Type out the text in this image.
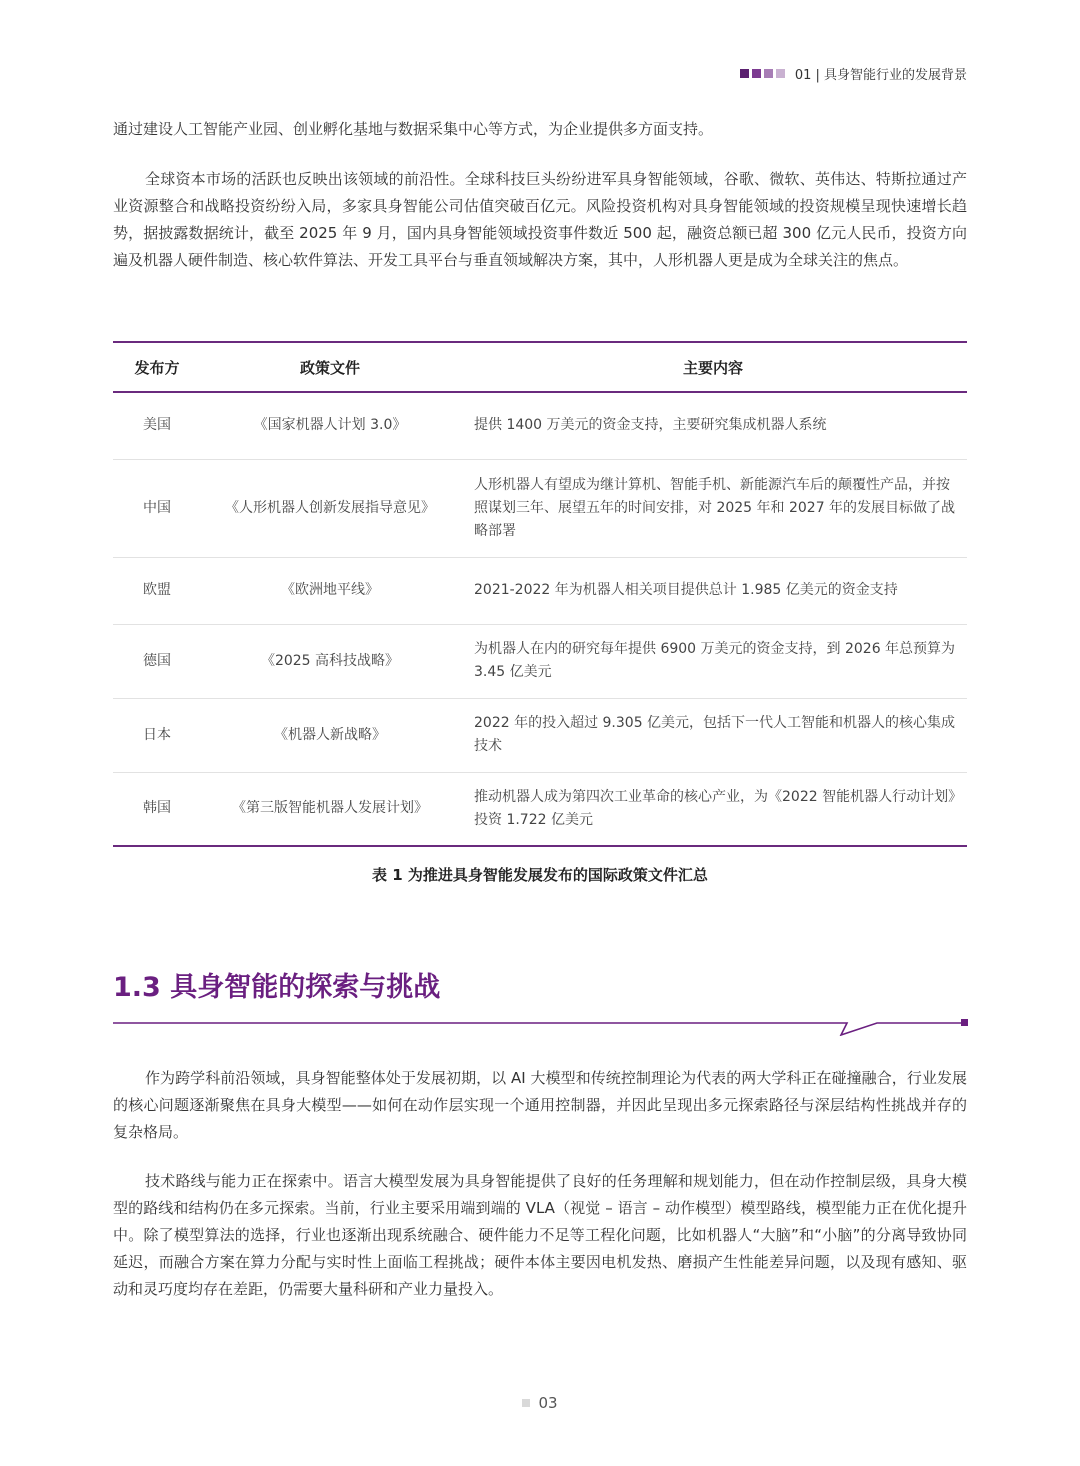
01 | 具身智能行业的发展背景

通过建设人工智能产业园、创业孵化基地与数据采集中心等方式，为企业提供多方面支持。

全球资本市场的活跃也反映出该领域的前沿性。全球科技巨头纷纷进军具身智能领域，谷歌、微软、英伟达、特斯拉通过产业资源整合和战略投资纷纷入局，多家具身智能公司估值突破百亿元。风险投资机构对具身智能领域的投资规模呈现快速增长趋势，据披露数据统计，截至 2025 年 9 月，国内具身智能领域投资事件数近 500 起，融资总额已超 300 亿元人民币，投资方向遍及机器人硬件制造、核心软件算法、开发工具平台与垂直领域解决方案，其中，人形机器人更是成为全球关注的焦点。

发布方	政策文件	主要内容
美国	《国家机器人计划 3.0》	提供 1400 万美元的资金支持，主要研究集成机器人系统
中国	《人形机器人创新发展指导意见》	人形机器人有望成为继计算机、智能手机、新能源汽车后的颠覆性产品，并按照谋划三年、展望五年的时间安排，对 2025 年和 2027 年的发展目标做了战略部署
欧盟	《欧洲地平线》	2021-2022 年为机器人相关项目提供总计 1.985 亿美元的资金支持
德国	《2025 高科技战略》	为机器人在内的研究每年提供 6900 万美元的资金支持，到 2026 年总预算为 3.45 亿美元
日本	《机器人新战略》	2022 年的投入超过 9.305 亿美元，包括下一代人工智能和机器人的核心集成技术
韩国	《第三版智能机器人发展计划》	推动机器人成为第四次工业革命的核心产业，为《2022 智能机器人行动计划》投资 1.722 亿美元
表 1 为推进具身智能发展发布的国际政策文件汇总
1.3 具身智能的探索与挑战

作为跨学科前沿领域，具身智能整体处于发展初期，以 AI 大模型和传统控制理论为代表的两大学科正在碰撞融合，行业发展的核心问题逐渐聚焦在具身大模型——如何在动作层实现一个通用控制器，并因此呈现出多元探索路径与深层结构性挑战并存的复杂格局。

技术路线与能力正在探索中。语言大模型发展为具身智能提供了良好的任务理解和规划能力，但在动作控制层级，具身大模型的路线和结构仍在多元探索。当前，行业主要采用端到端的 VLA（视觉 – 语言 – 动作模型）模型路线，模型能力正在优化提升中。除了模型算法的选择，行业也逐渐出现系统融合、硬件能力不足等工程化问题，比如机器人“大脑”和“小脑”的分离导致协同延迟，而融合方案在算力分配与实时性上面临工程挑战；硬件本体主要因电机发热、磨损产生性能差异问题，以及现有感知、驱动和灵巧度均存在差距，仍需要大量科研和产业力量投入。

03
